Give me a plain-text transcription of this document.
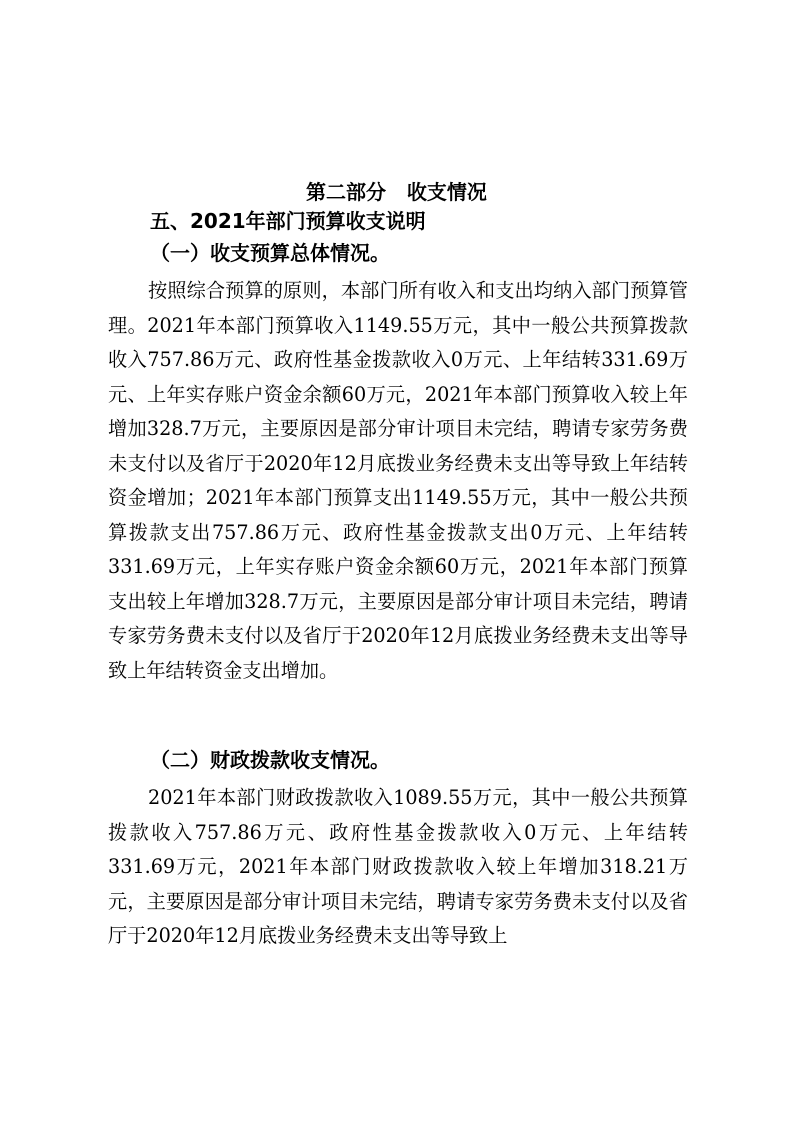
第二部分   收支情况
五、2021年部门预算收支说明
（一）收支预算总体情况。

按照综合预算的原则，本部门所有收入和支出均纳入部门预算管理。2021年本部门预算收入1149.55万元，其中一般公共预算拨款收入757.86万元、政府性基金拨款收入0万元、上年结转331.69万元、上年实存账户资金余额60万元，2021年本部门预算收入较上年增加328.7万元，主要原因是部分审计项目未完结，聘请专家劳务费未支付以及省厅于2020年12月底拨业务经费未支出等导致上年结转资金增加；2021年本部门预算支出1149.55万元，其中一般公共预算拨款支出757.86万元、政府性基金拨款支出0万元、上年结转331.69万元，上年实存账户资金余额60万元，2021年本部门预算支出较上年增加328.7万元，主要原因是部分审计项目未完结，聘请专家劳务费未支付以及省厅于2020年12月底拨业务经费未支出等导致上年结转资金支出增加。

（二）财政拨款收支情况。

2021年本部门财政拨款收入1089.55万元，其中一般公共预算拨款收入757.86万元、政府性基金拨款收入0万元、上年结转331.69万元，2021年本部门财政拨款收入较上年增加318.21万元，主要原因是部分审计项目未完结，聘请专家劳务费未支付以及省厅于2020年12月底拨业务经费未支出等导致上
